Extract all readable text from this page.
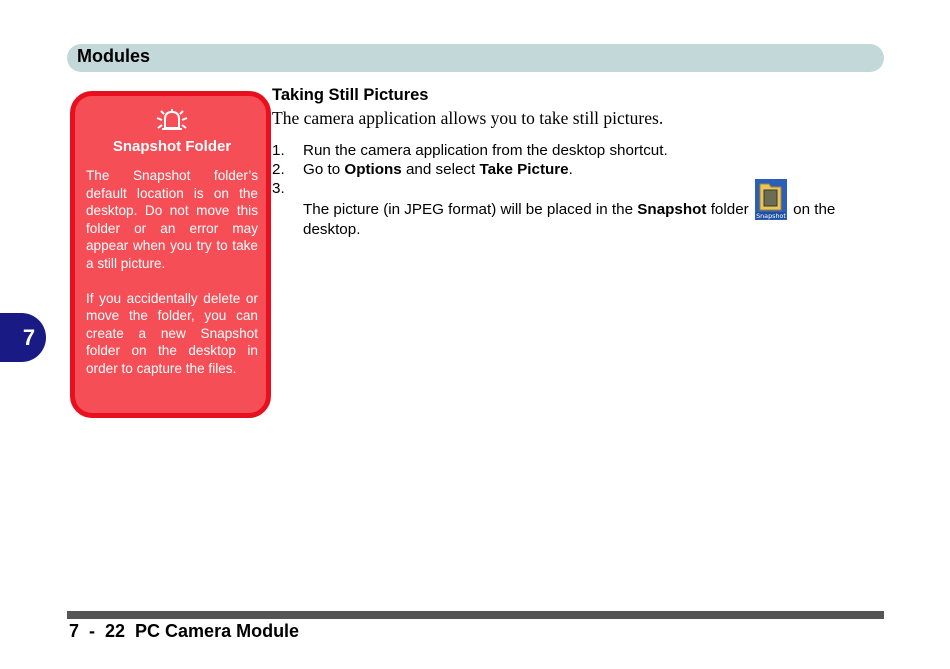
Modules
7
Snapshot Folder

The Snapshot folder’s default location is on the desktop. Do not move this folder or an error may appear when you try to take a still picture.

If you accidentally delete or move the folder, you can create a new Snapshot folder on the desktop in order to capture the files.

Taking Still Pictures

The camera application allows you to take still pictures.

1. Run the camera application from the desktop shortcut.
2. Go to Options and select Take Picture.
3.
The picture (in JPEG format) will be placed in the Snapshot folder Snapshot on the desktop.
7  -  22  PC Camera Module
